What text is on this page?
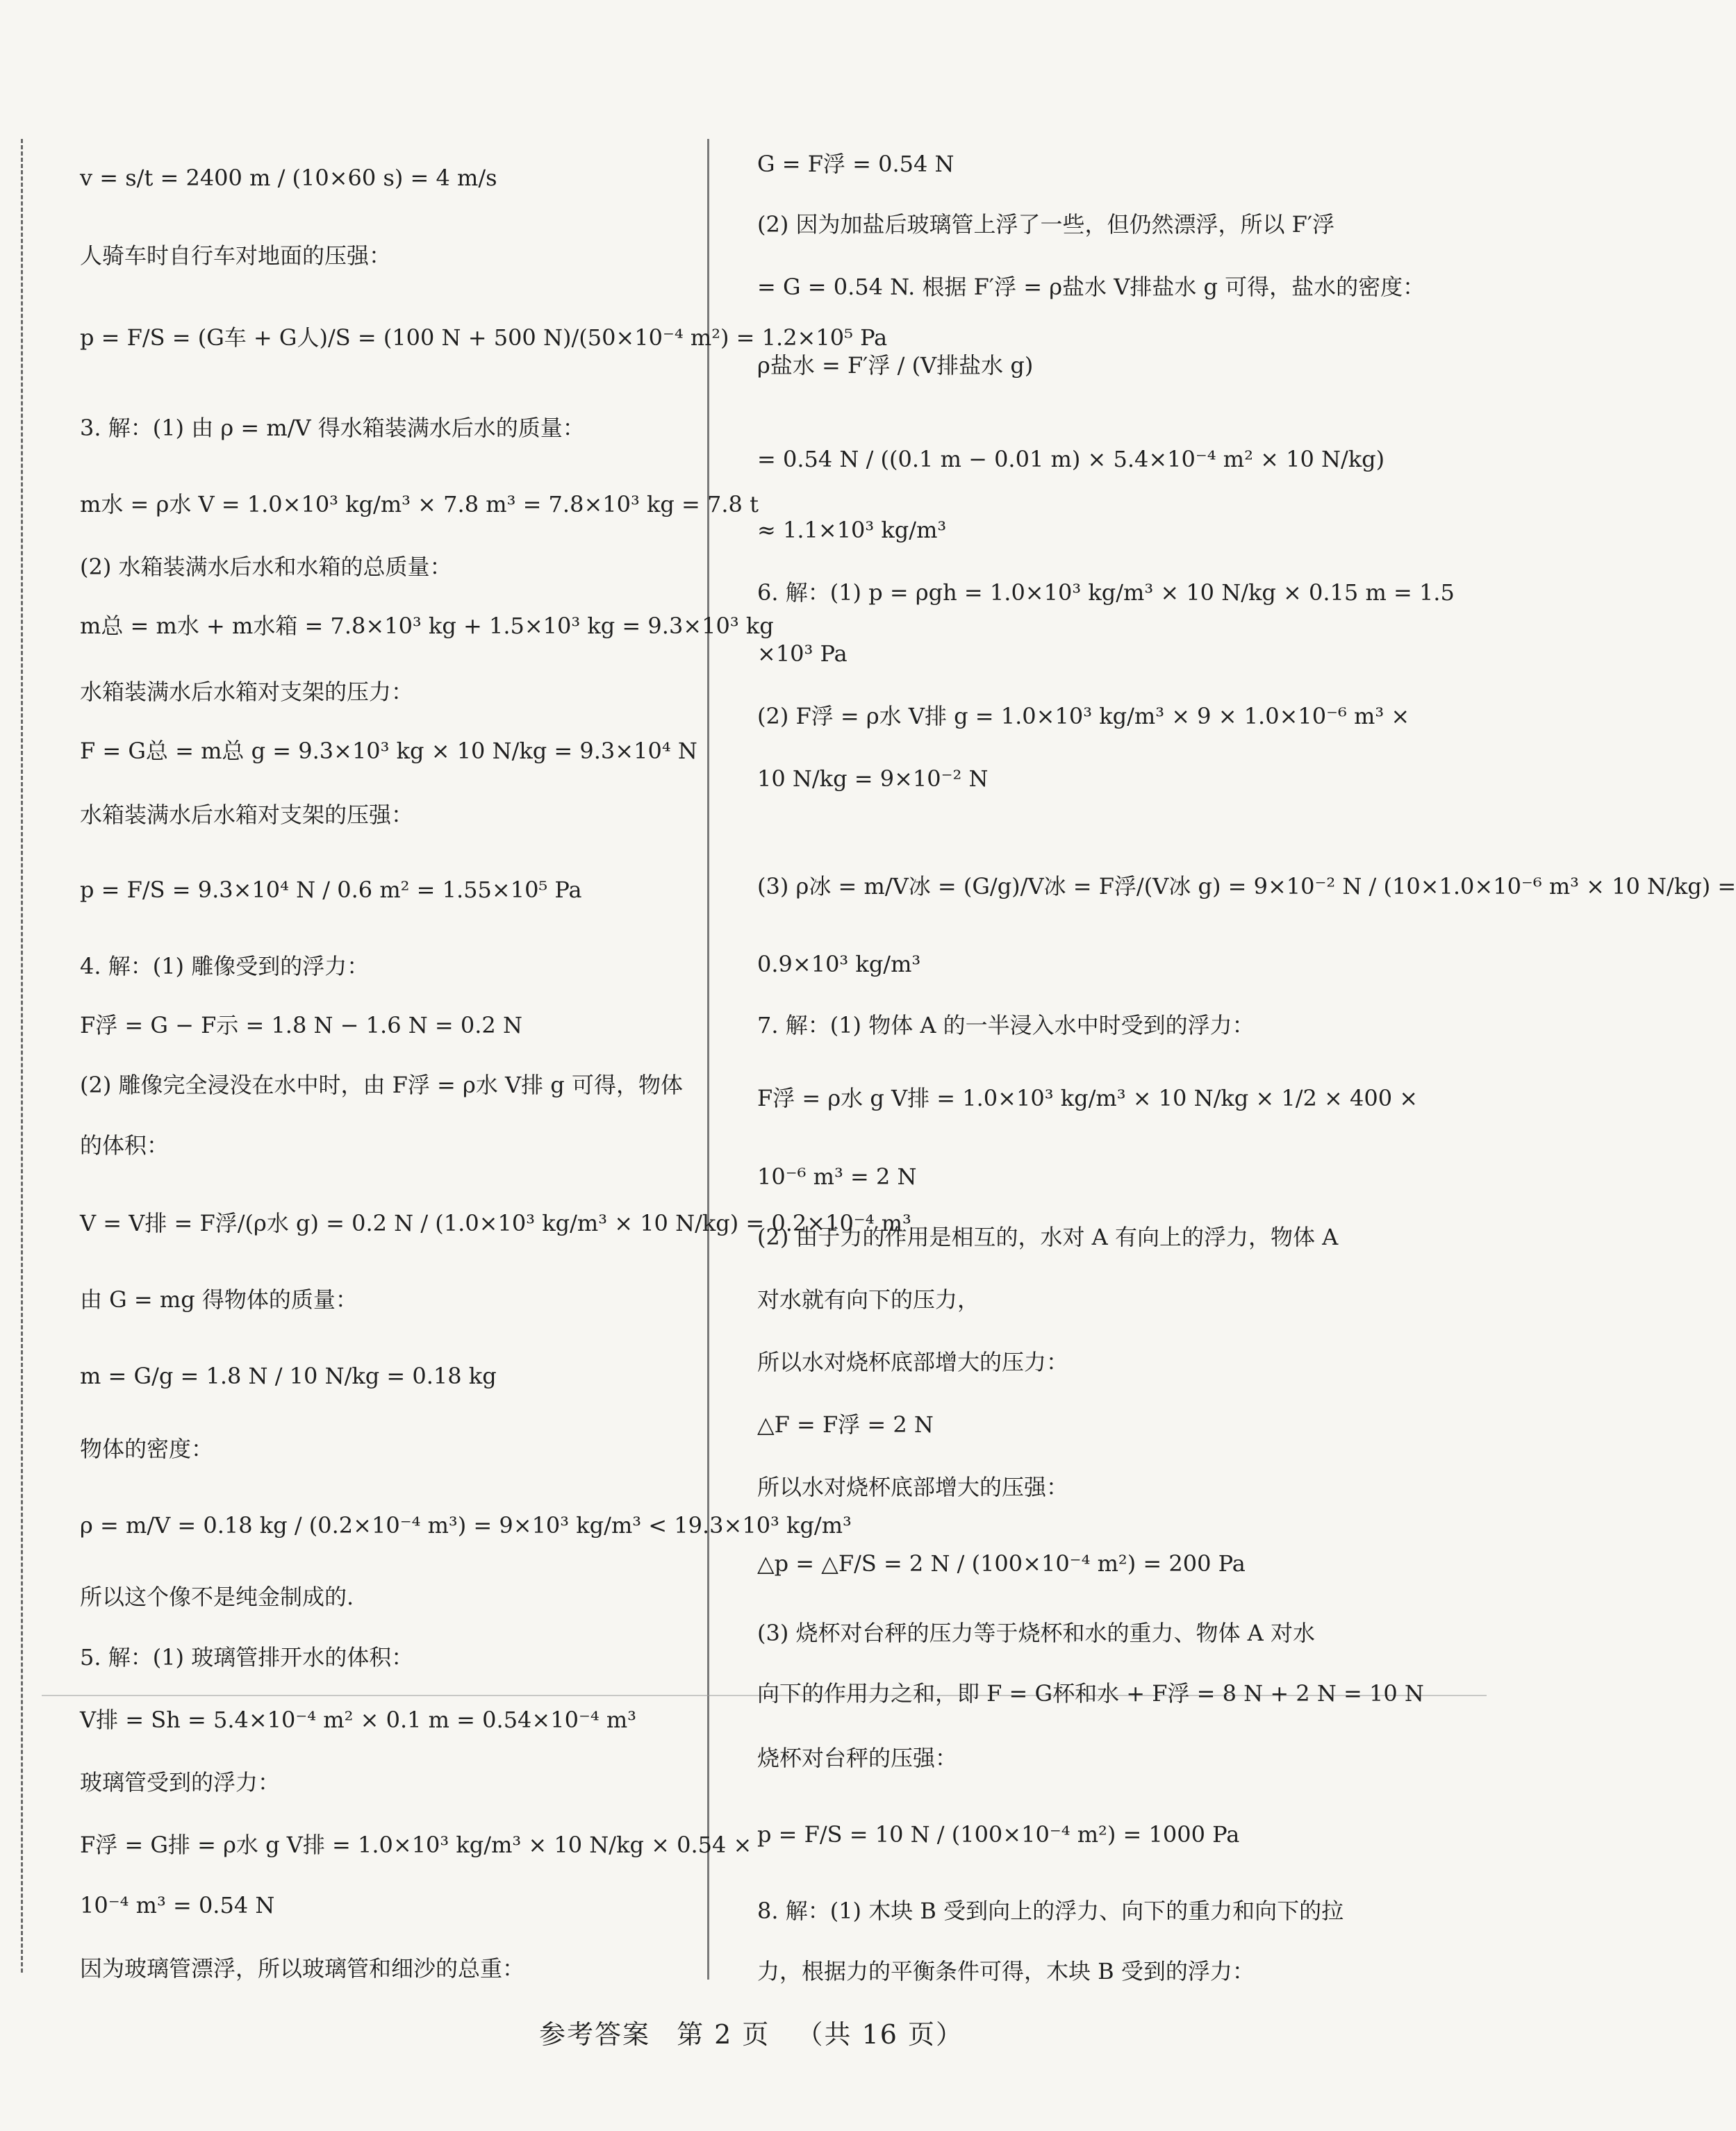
v = s/t = 2400 m / (10×60 s) = 4 m/s
人骑车时自行车对地面的压强：
p = F/S = (G车 + G人)/S = (100 N + 500 N)/(50×10⁻⁴ m²) = 1.2×10⁵ Pa
3. 解：(1) 由 ρ = m/V 得水箱装满水后水的质量：
m水 = ρ水 V = 1.0×10³ kg/m³ × 7.8 m³ = 7.8×10³ kg = 7.8 t
(2) 水箱装满水后水和水箱的总质量：
m总 = m水 + m水箱 = 7.8×10³ kg + 1.5×10³ kg = 9.3×10³ kg
水箱装满水后水箱对支架的压力：
F = G总 = m总 g = 9.3×10³ kg × 10 N/kg = 9.3×10⁴ N
水箱装满水后水箱对支架的压强：
p = F/S = 9.3×10⁴ N / 0.6 m² = 1.55×10⁵ Pa
4. 解：(1) 雕像受到的浮力：
F浮 = G − F示 = 1.8 N − 1.6 N = 0.2 N
(2) 雕像完全浸没在水中时，由 F浮 = ρ水 V排 g 可得，物体
的体积：
V = V排 = F浮/(ρ水 g) = 0.2 N / (1.0×10³ kg/m³ × 10 N/kg) = 0.2×10⁻⁴ m³
由 G = mg 得物体的质量：
m = G/g = 1.8 N / 10 N/kg = 0.18 kg
物体的密度：
ρ = m/V = 0.18 kg / (0.2×10⁻⁴ m³) = 9×10³ kg/m³ < 19.3×10³ kg/m³
所以这个像不是纯金制成的.
5. 解：(1) 玻璃管排开水的体积：
V排 = Sh = 5.4×10⁻⁴ m² × 0.1 m = 0.54×10⁻⁴ m³
玻璃管受到的浮力：
F浮 = G排 = ρ水 g V排 = 1.0×10³ kg/m³ × 10 N/kg × 0.54 ×
10⁻⁴ m³ = 0.54 N
因为玻璃管漂浮，所以玻璃管和细沙的总重：
G = F浮 = 0.54 N
(2) 因为加盐后玻璃管上浮了一些，但仍然漂浮，所以 F′浮
= G = 0.54 N. 根据 F′浮 = ρ盐水 V排盐水 g 可得，盐水的密度：
ρ盐水 = F′浮 / (V排盐水 g)
= 0.54 N / ((0.1 m − 0.01 m) × 5.4×10⁻⁴ m² × 10 N/kg)
≈ 1.1×10³ kg/m³
6. 解：(1) p = ρgh = 1.0×10³ kg/m³ × 10 N/kg × 0.15 m = 1.5
×10³ Pa
(2) F浮 = ρ水 V排 g = 1.0×10³ kg/m³ × 9 × 1.0×10⁻⁶ m³ ×
10 N/kg = 9×10⁻² N
(3) ρ冰 = m/V冰 = (G/g)/V冰 = F浮/(V冰 g) = 9×10⁻² N / (10×1.0×10⁻⁶ m³ × 10 N/kg) =
0.9×10³ kg/m³
7. 解：(1) 物体 A 的一半浸入水中时受到的浮力：
F浮 = ρ水 g V排 = 1.0×10³ kg/m³ × 10 N/kg × 1/2 × 400 ×
10⁻⁶ m³ = 2 N
(2) 由于力的作用是相互的，水对 A 有向上的浮力，物体 A
对水就有向下的压力，
所以水对烧杯底部增大的压力：
△F = F浮 = 2 N
所以水对烧杯底部增大的压强：
△p = △F/S = 2 N / (100×10⁻⁴ m²) = 200 Pa
(3) 烧杯对台秤的压力等于烧杯和水的重力、物体 A 对水
向下的作用力之和，即 F = G杯和水 + F浮 = 8 N + 2 N = 10 N
烧杯对台秤的压强：
p = F/S = 10 N / (100×10⁻⁴ m²) = 1000 Pa
8. 解：(1) 木块 B 受到向上的浮力、向下的重力和向下的拉
力，根据力的平衡条件可得，木块 B 受到的浮力：
参考答案 第 2 页 （共 16 页）
